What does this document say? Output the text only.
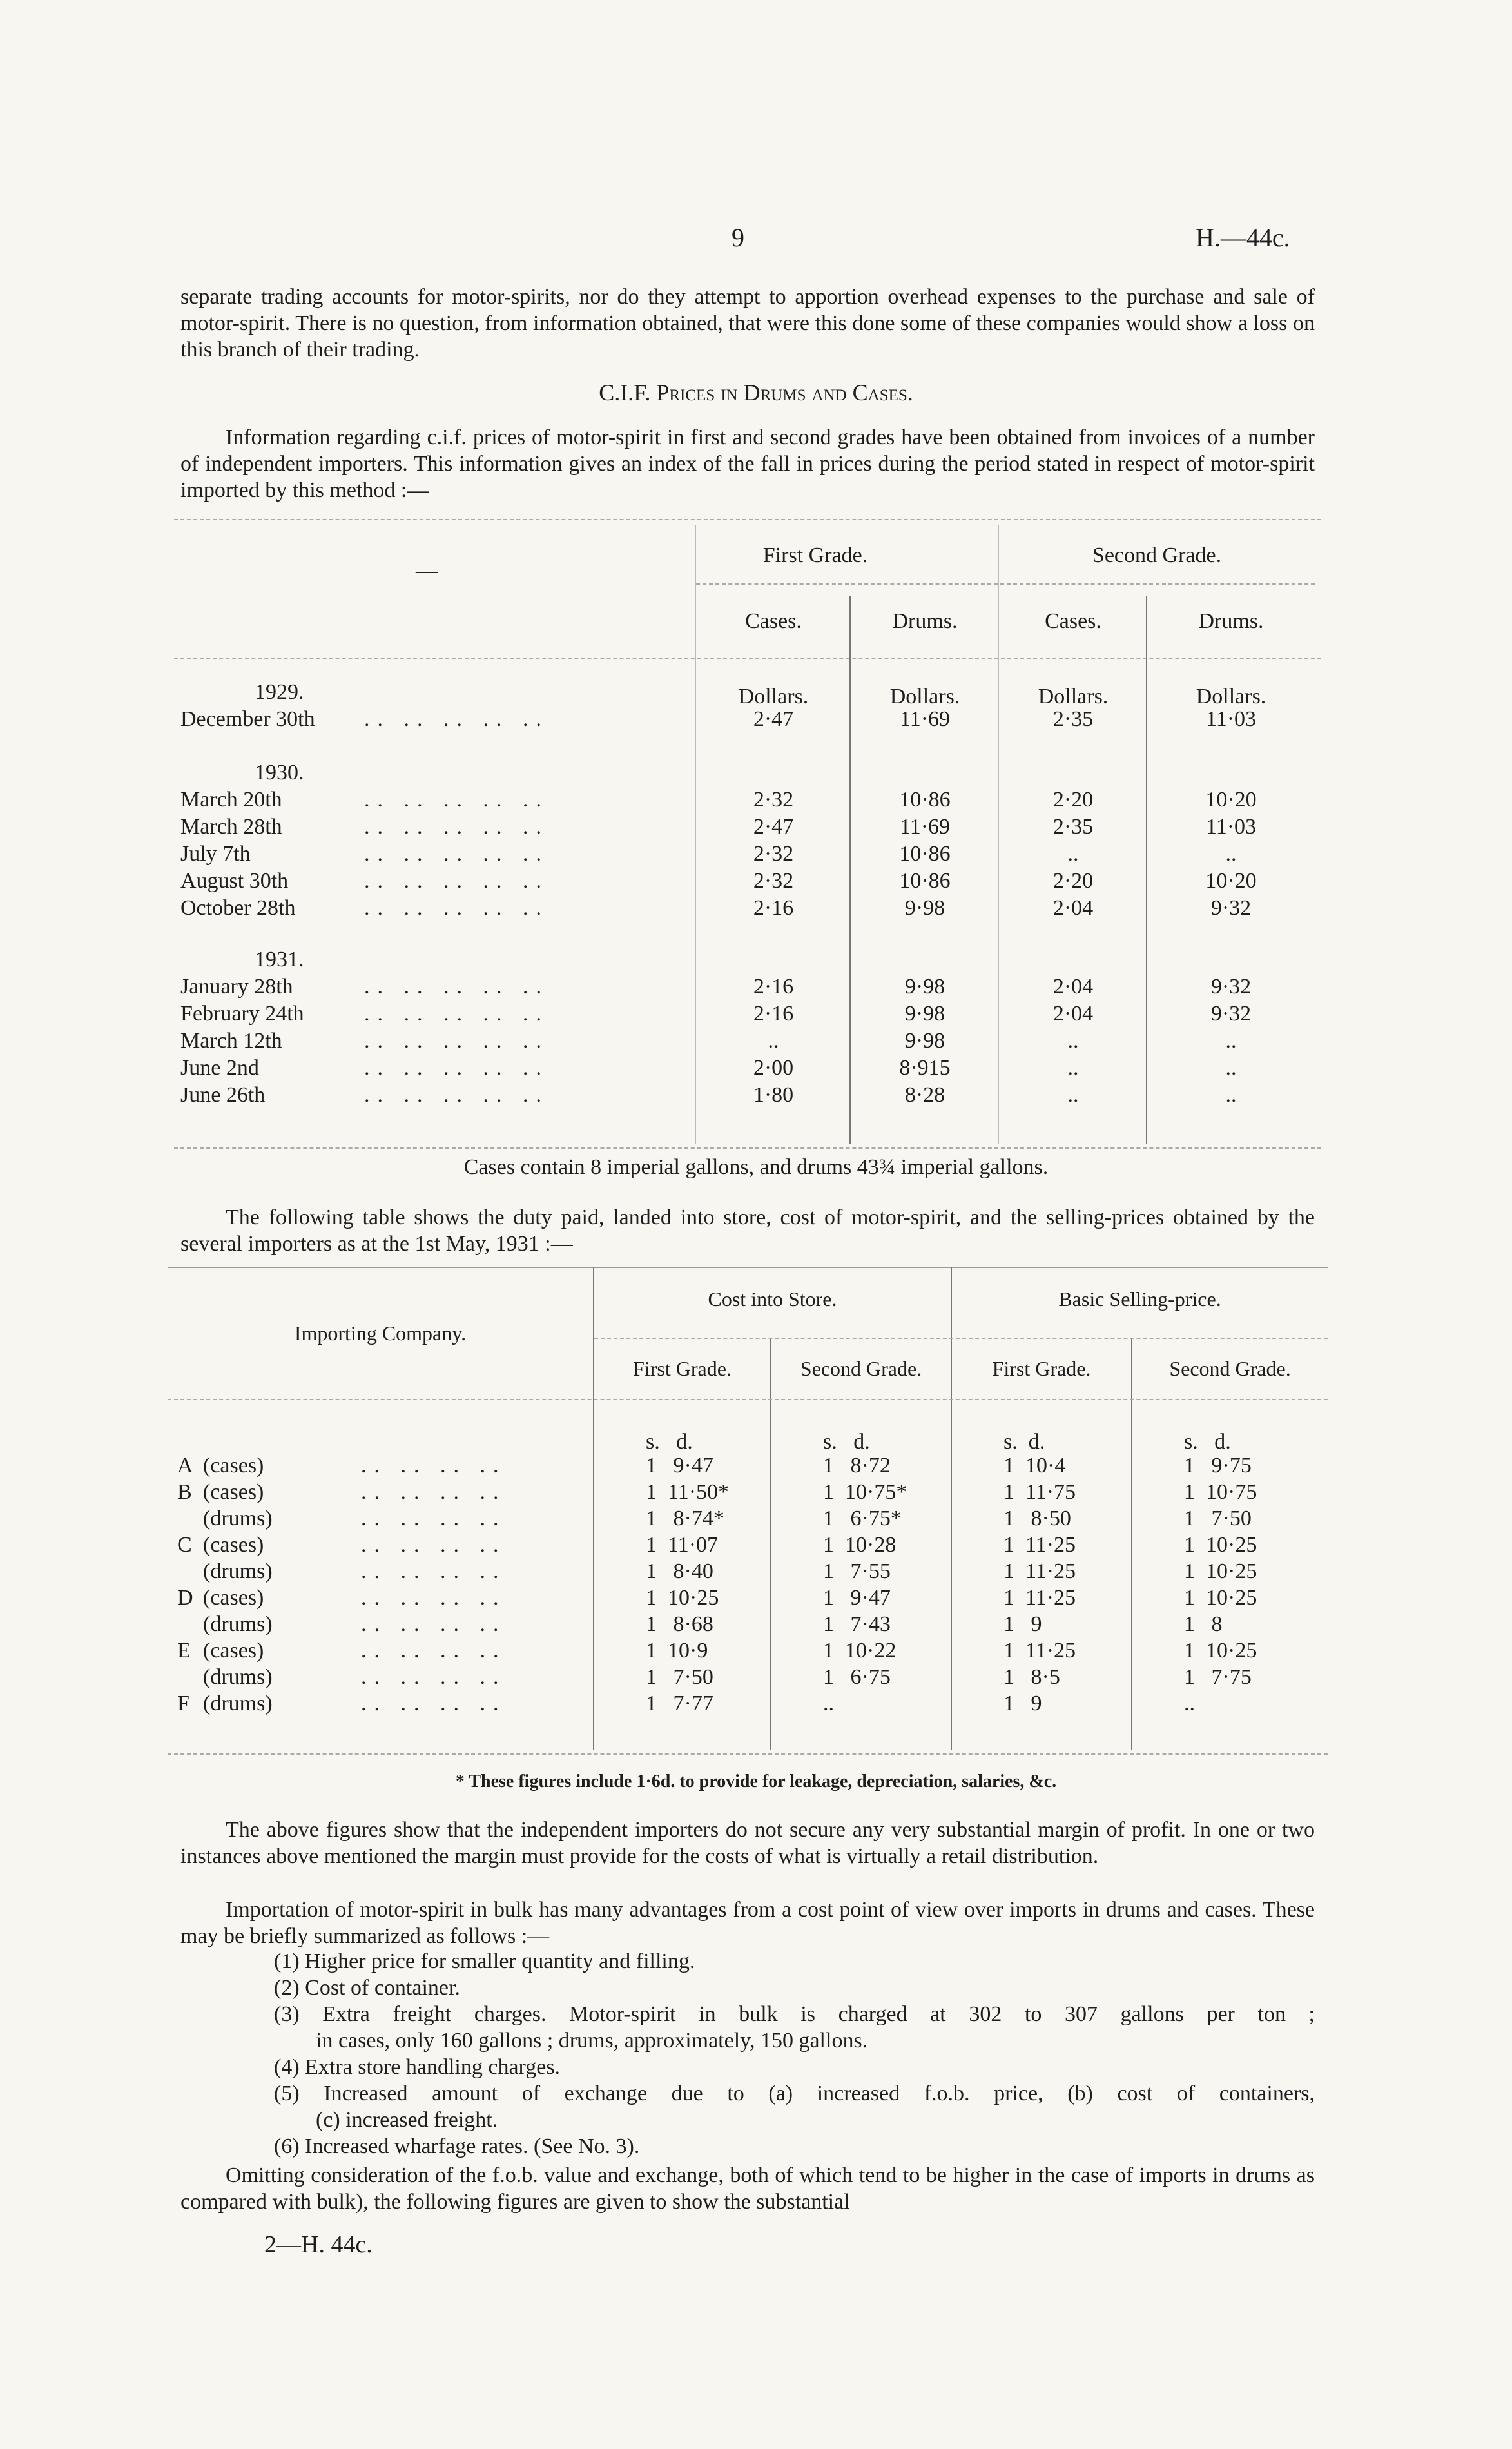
9	H.—44c.
separate trading accounts for motor-spirits, nor do they attempt to apportion overhead expenses to the purchase and sale of motor-spirit. There is no question, from information obtained, that were this done some of these companies would show a loss on this branch of their trading.
C.I.F. Prices in Drums and Cases.
Information regarding c.i.f. prices of motor-spirit in first and second grades have been obtained from invoices of a number of independent importers. This information gives an index of the fall in prices during the period stated in respect of motor-spirit imported by this method :—
—
First Grade.	Second Grade.
Cases.	Drums.	Cases.	Drums.
Dollars.	Dollars.	Dollars.	Dollars.
1929.
December 30th .. .. .. .. ..	2·47	11·69	2·35	11·03
1930.
March 20th	.. .. .. .. ..	2·32	10·86	2·20	10·20
March 28th	.. .. .. .. ..	2·47	11·69	2·35	11·03
July 7th	.. .. .. .. ..	2·32	10·86	..	..
August 30th	.. .. .. .. ..	2·32	10·86	2·20	10·20
October 28th	.. .. .. .. ..	2·16	9·98	2·04	9·32
1931.
January 28th	.. .. .. .. ..	2·16	9·98	2·04	9·32
February 24th	.. .. .. .. ..	2·16	9·98	2·04	9·32
March 12th	.. .. .. .. ..	..	9·98	..	..
June 2nd	.. .. .. .. ..	2·00	8·915	..	..
June 26th	.. .. .. .. ..	1·80	8·28	..	..
Cases contain 8 imperial gallons, and drums 43¾ imperial gallons.
The following table shows the duty paid, landed into store, cost of motor-spirit, and the selling-prices obtained by the several importers as at the 1st May, 1931 :—
Importing Company.
Cost into Store.	Basic Selling-price.
First Grade.	Second Grade.	First Grade.	Second Grade.
s.   d.	s.   d.	s.  d.	s.   d.
A (cases)	.. .. .. ..	1   9·47	1   8·72	1  10·4	1   9·75
B (cases)	.. .. .. ..	1  11·50*	1  10·75*	1  11·75	1  10·75
(drums)	.. .. .. ..	1   8·74*	1   6·75*	1   8·50	1   7·50
C (cases)	.. .. .. ..	1  11·07	1  10·28	1  11·25	1  10·25
(drums)	.. .. .. ..	1   8·40	1   7·55	1  11·25	1  10·25
D (cases)	.. .. .. ..	1  10·25	1   9·47	1  11·25	1  10·25
(drums)	.. .. .. ..	1   8·68	1   7·43	1   9	1   8
E (cases)	.. .. .. ..	1  10·9	1  10·22	1  11·25	1  10·25
(drums)	.. .. .. ..	1   7·50	1   6·75	1   8·5	1   7·75
F (drums)	.. .. .. ..	1   7·77	..	1   9	..
* These figures include 1·6d. to provide for leakage, depreciation, salaries, &c.
The above figures show that the independent importers do not secure any very substantial margin of profit. In one or two instances above mentioned the margin must provide for the costs of what is virtually a retail distribution.
Importation of motor-spirit in bulk has many advantages from a cost point of view over imports in drums and cases. These may be briefly summarized as follows :—
(1) Higher price for smaller quantity and filling.
(2) Cost of container.
(3) Extra freight charges. Motor-spirit in bulk is charged at 302 to 307 gallons per ton ;
in cases, only 160 gallons ; drums, approximately, 150 gallons.
(4) Extra store handling charges.
(5) Increased amount of exchange due to (a) increased f.o.b. price, (b) cost of containers,
(c) increased freight.
(6) Increased wharfage rates. (See No. 3).
Omitting consideration of the f.o.b. value and exchange, both of which tend to be higher in the case of imports in drums as compared with bulk), the following figures are given to show the substantial
2—H. 44c.
